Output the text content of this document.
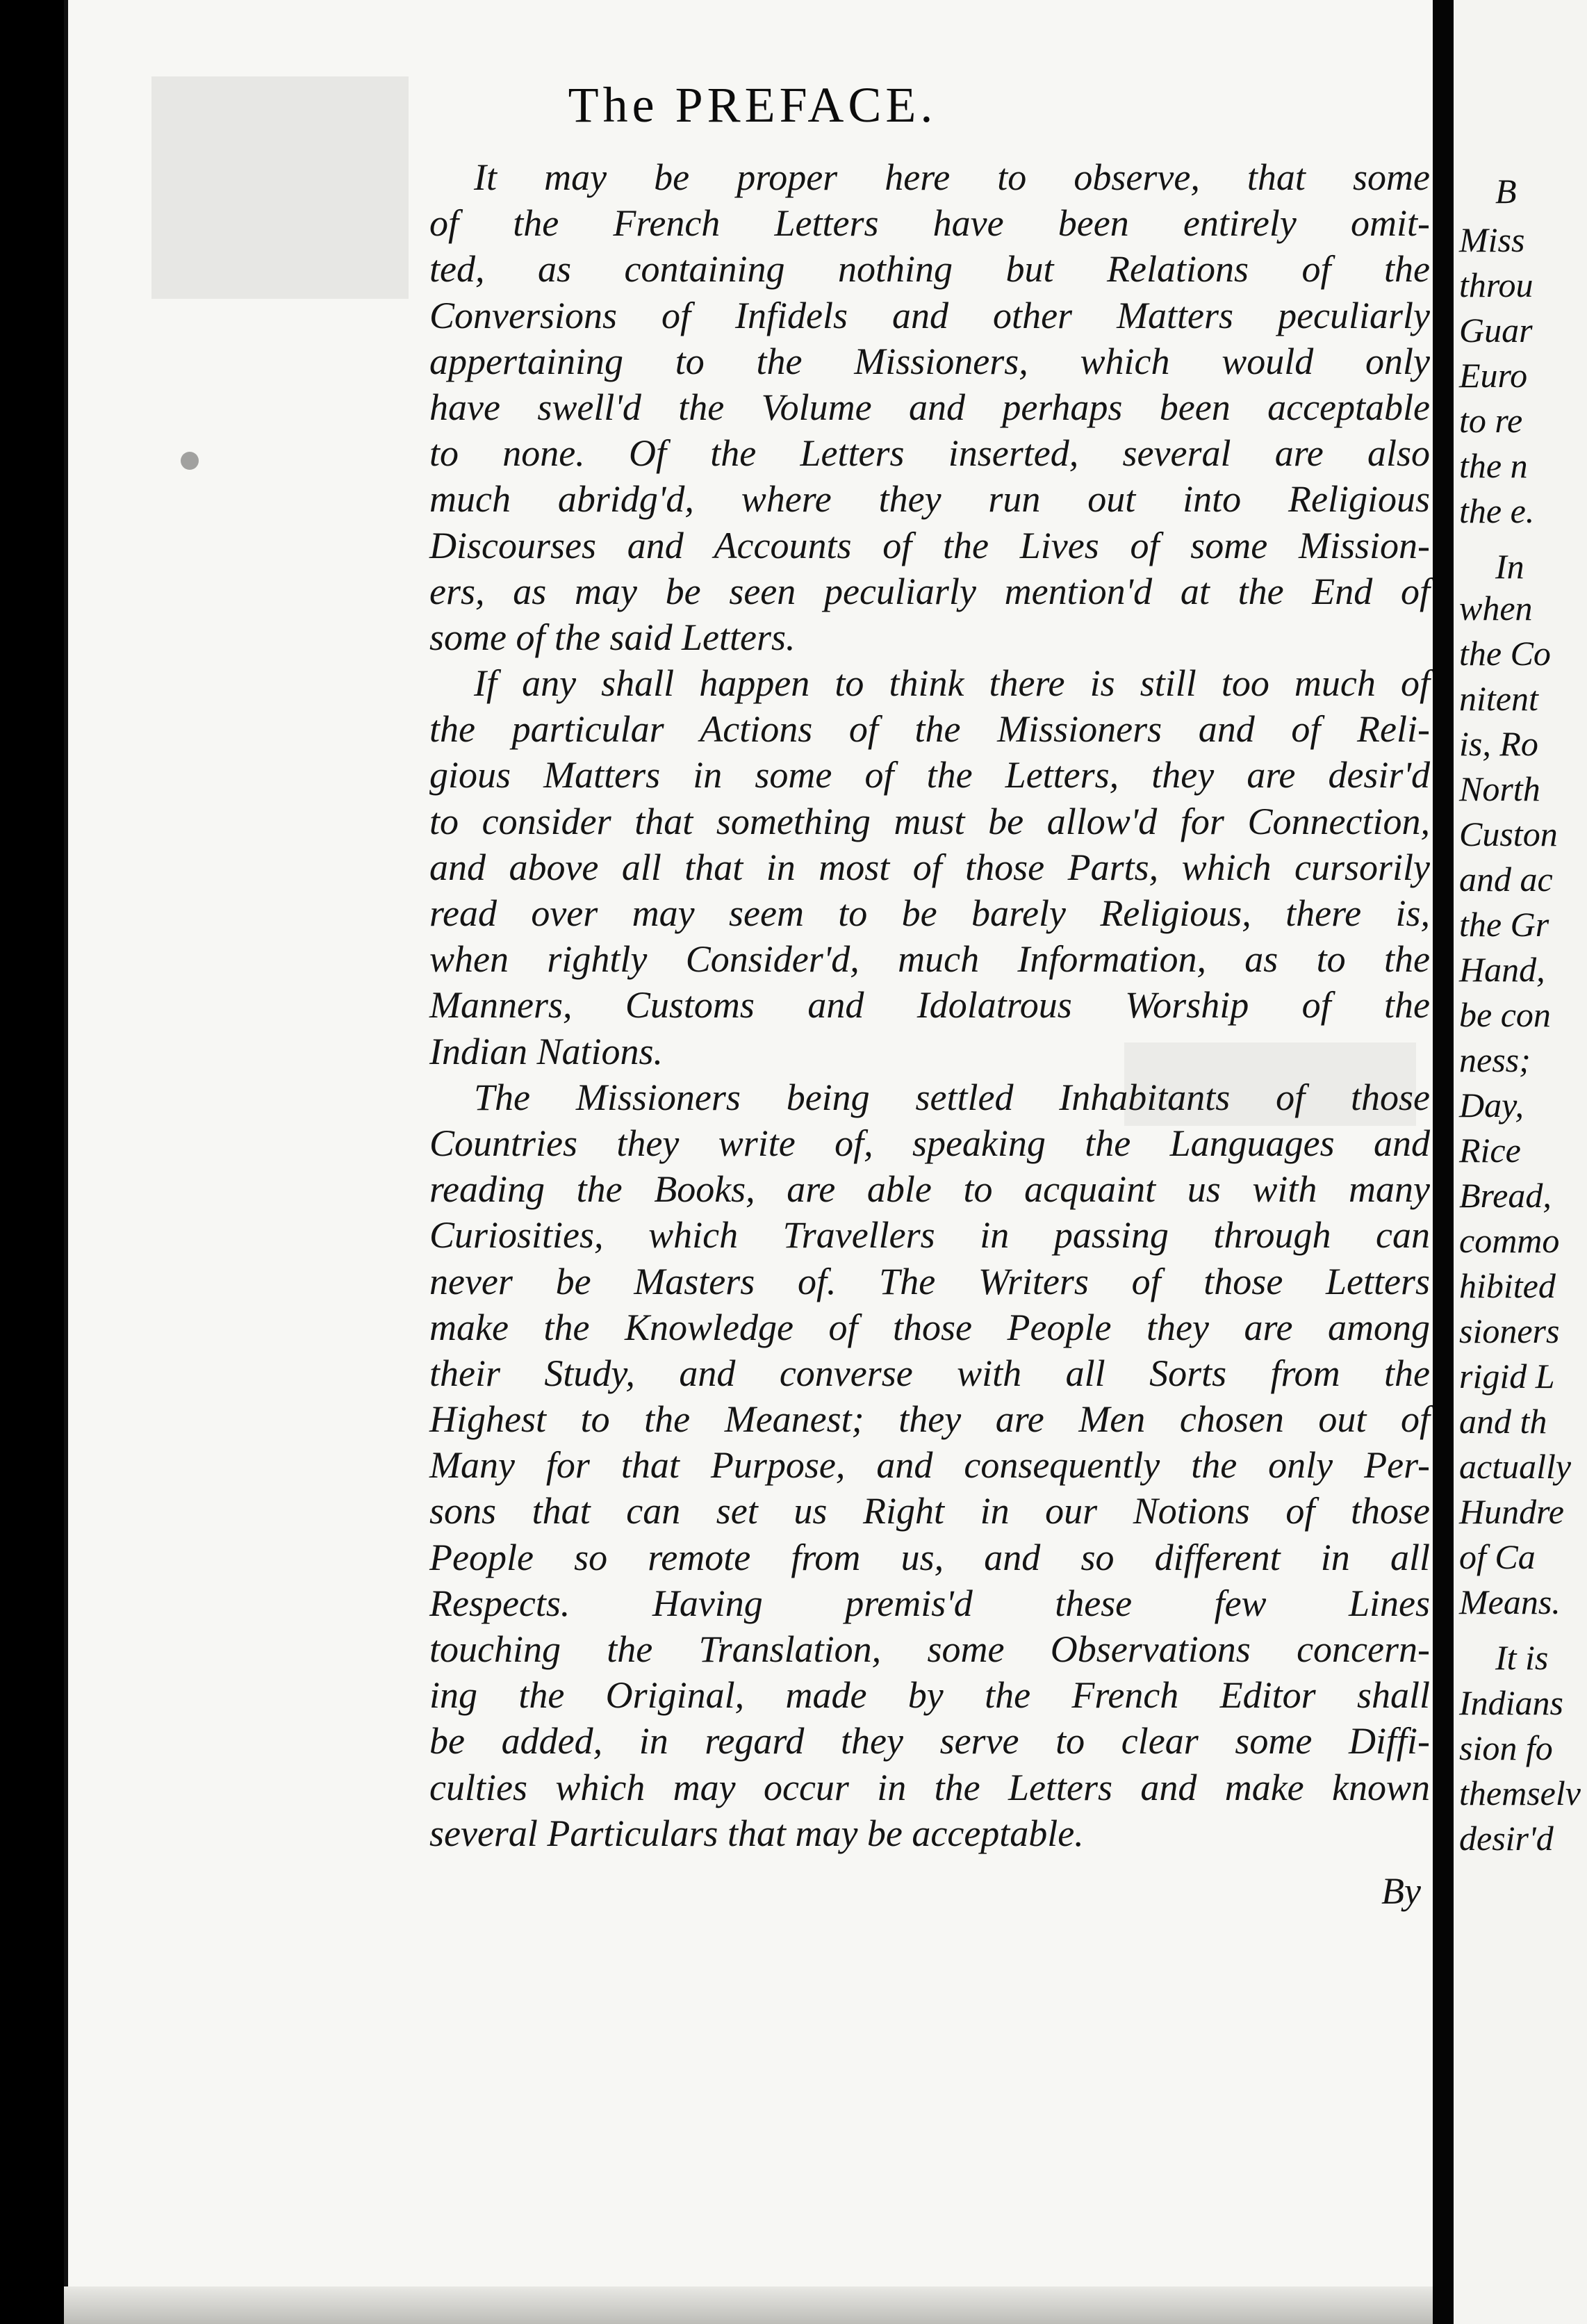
The PREFACE.
It may be proper here to observe, that some
of the French Letters have been entirely omit-
ted, as containing nothing but Relations of the
Conversions of Infidels and other Matters peculiarly
appertaining to the Missioners, which would only
have swell'd the Volume and perhaps been acceptable
to none. Of the Letters inserted, several are also
much abridg'd, where they run out into Religious
Discourses and Accounts of the Lives of some Mission-
ers, as may be seen peculiarly mention'd at the End of
some of the said Letters.
If any shall happen to think there is still too much of
the particular Actions of the Missioners and of Reli-
gious Matters in some of the Letters, they are desir'd
to consider that something must be allow'd for Connection,
and above all that in most of those Parts, which cursorily
read over may seem to be barely Religious, there is,
when rightly Consider'd, much Information, as to the
Manners, Customs and Idolatrous Worship of the
Indian Nations.
The Missioners being settled Inhabitants of those
Countries they write of, speaking the Languages and
reading the Books, are able to acquaint us with many
Curiosities, which Travellers in passing through can
never be Masters of. The Writers of those Letters
make the Knowledge of those People they are among
their Study, and converse with all Sorts from the
Highest to the Meanest; they are Men chosen out of
Many for that Purpose, and consequently the only Per-
sons that can set us Right in our Notions of those
People so remote from us, and so different in all
Respects. Having premis'd these few Lines
touching the Translation, some Observations concern-
ing the Original, made by the French Editor shall
be added, in regard they serve to clear some Diffi-
culties which may occur in the Letters and make known
several Particulars that may be acceptable.
By
B
Miss
throu
Guar
Euro
to re
the n
the e.
In
when
the Co
nitent
is, Ro
North
Custon
and ac
the Gr
Hand,
be con
ness;
Day,
Rice
Bread,
commo
hibited
sioners
rigid L
and th
actually
Hundre
of Ca
Means.
It is
Indians
sion fo
themselv
desir'd
